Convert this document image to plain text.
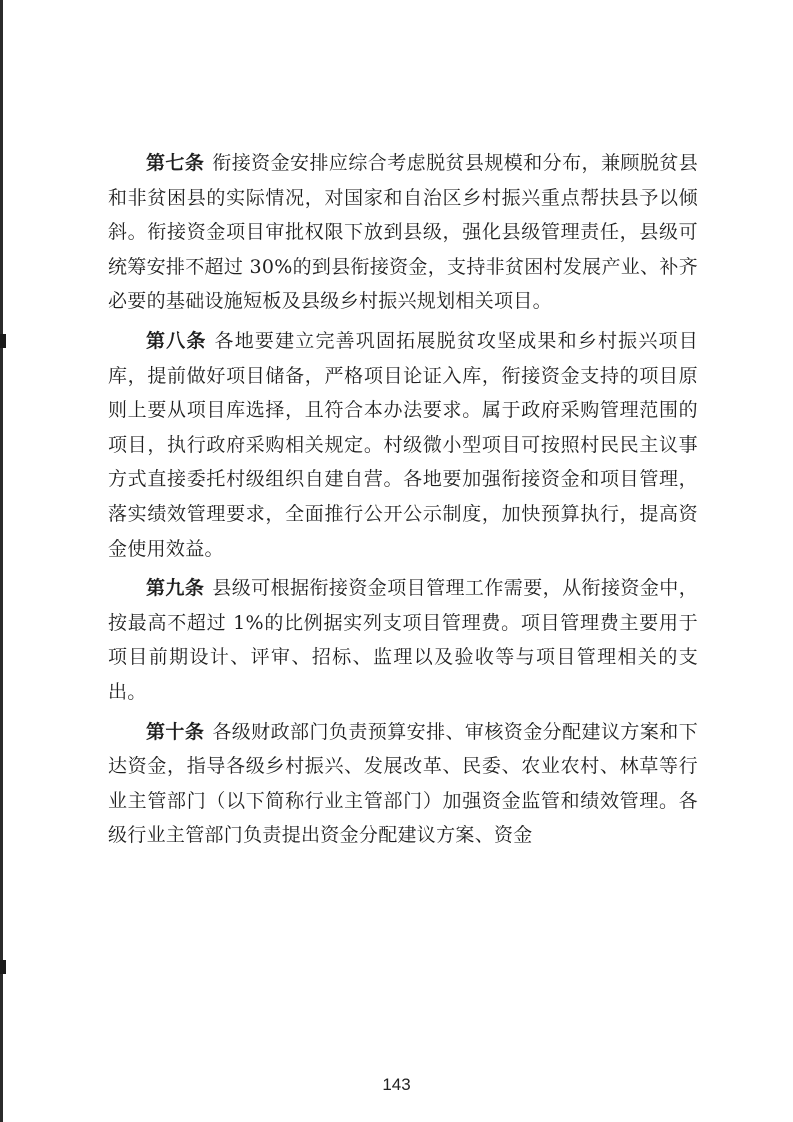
第七条 衔接资金安排应综合考虑脱贫县规模和分布，兼顾脱贫县和非贫困县的实际情况，对国家和自治区乡村振兴重点帮扶县予以倾斜。衔接资金项目审批权限下放到县级，强化县级管理责任，县级可统筹安排不超过 30%的到县衔接资金，支持非贫困村发展产业、补齐必要的基础设施短板及县级乡村振兴规划相关项目。

第八条 各地要建立完善巩固拓展脱贫攻坚成果和乡村振兴项目库，提前做好项目储备，严格项目论证入库，衔接资金支持的项目原则上要从项目库选择，且符合本办法要求。属于政府采购管理范围的项目，执行政府采购相关规定。村级微小型项目可按照村民民主议事方式直接委托村级组织自建自营。各地要加强衔接资金和项目管理，落实绩效管理要求，全面推行公开公示制度，加快预算执行，提高资金使用效益。

第九条 县级可根据衔接资金项目管理工作需要，从衔接资金中，按最高不超过 1%的比例据实列支项目管理费。项目管理费主要用于项目前期设计、评审、招标、监理以及验收等与项目管理相关的支出。

第十条 各级财政部门负责预算安排、审核资金分配建议方案和下达资金，指导各级乡村振兴、发展改革、民委、农业农村、林草等行业主管部门（以下简称行业主管部门）加强资金监管和绩效管理。各级行业主管部门负责提出资金分配建议方案、资金

143
